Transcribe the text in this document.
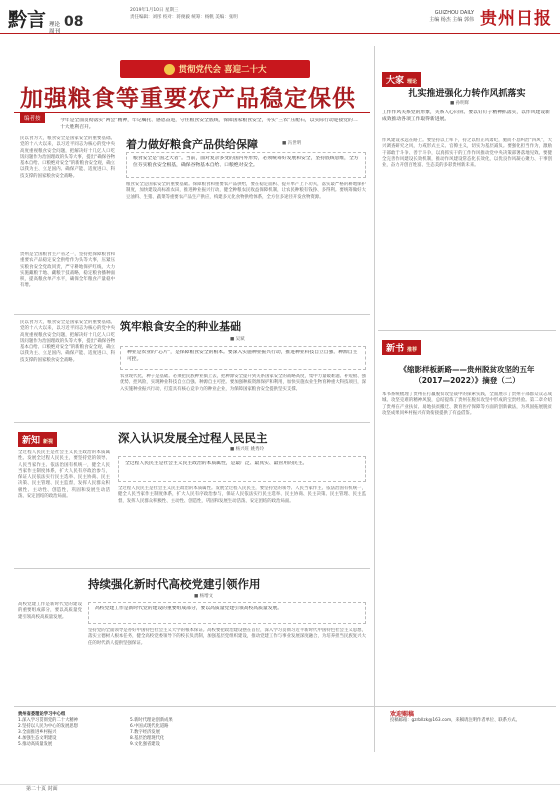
黔言 理论
周刊
08
2019年1月10日 星期三
责任编辑：刘彤 校对：蒋俊毅 统筹：杨帆 美编：张明
GUIZHOU DAILY
主编 杨杰 主编 郭伟 贵州日报
贯彻党代会 喜迎二十大
加强粮食等重要农产品稳定保供
编者按	今年是全面贯彻落实“两会”精神，牢记嘱托、感恩奋进，守住粮食安全底线，保障国家粮食安全，夯实“三农”压舱石，以实际行动迎接党的二十大胜利召开。
民以食为天，粮食安全是国家安全的重要基础。党的十八大以来，以习近平同志为核心的党中央高度重视粮食安全问题，把解决好十几亿人口吃饭问题作为治国理政的头等大事，提出“确保谷物基本自给、口粮绝对安全”的新粮食安全观，确立以我为主、立足国内、确保产能、适度进口、科技支撑的国家粮食安全战略。
贵州是全国粮食主产省之一，坚持把保障粮食和重要农产品稳定安全供给作为头等大事，压紧压实粮食安全党政同责，严守耕地保护红线，大力实施藏粮于地、藏粮于技战略，稳定粮食播种面积，提高粮食单产水平，确保全年粮食产量稳中有增。
着力做好粮食产品供给保障	■ 冯世明
粮食安全是“国之大者”。当前，面对复杂多变的国内外形势，必须统筹好发展和安全，坚持底线思维，全方位夯实粮食安全根基，确保谷物基本自给、口粮绝对安全。
粮食安全是国家安全的重要基础。保障粮食和重要农产品供给，要在稳定面积、提升单产上下功夫，落实最严格的耕地保护制度，加快建设高标准农田，推进种业振兴行动，健全种粮农民收益保障机制，让农民种粮有钱挣、多得利。要统筹做好大豆油料、生猪、蔬菜等重要农产品生产供应，构建多元化食物供给体系，全方位多途径开发食物资源。
民以食为天，粮食安全是国家安全的重要基础。党的十八大以来，以习近平同志为核心的党中央高度重视粮食安全问题，把解决好十几亿人口吃饭问题作为治国理政的头等大事，提出“确保谷物基本自给、口粮绝对安全”的新粮食安全观，确立以我为主、立足国内、确保产能、适度进口、科技支撑的国家粮食安全战略。
筑牢粮食安全的种业基础
■ 吴斌
种业是农业的“芯片”，是保障粮食安全的根本。要深入实施种业振兴行动，推进种业科技自立自强、种源自主可控。
农业现代化，种子是基础。必须把民族种业搞上去，把种源安全提升到关系国家安全的战略高度，集中力量破难题、补短板、强优势、控风险，实现种业科技自立自强、种源自主可控。要加强种质资源保护和利用，加快实施农业生物育种重大科技项目，深入实施种业振兴行动，打造具有核心竞争力的种业企业，为保障国家粮食安全提供坚实支撑。
新知 新视
全过程人民民主是社会主义民主政治的本质属性。发展全过程人民民主，要坚持党的领导、人民当家作主、依法治国有机统一，健全人民当家作主制度体系，扩大人民有序政治参与，保证人民依法实行民主选举、民主协商、民主决策、民主管理、民主监督，发挥人民群众积极性、主动性、创造性，巩固和发展生动活泼、安定团结的政治局面。
深入认识发展全过程人民民主
■ 杨兴旺 姚秀玲
全过程人民民主是社会主义民主政治的本质属性，是最广泛、最真实、最管用的民主。
全过程人民民主是社会主义民主政治的本质属性。发展全过程人民民主，要坚持党的领导、人民当家作主、依法治国有机统一，健全人民当家作主制度体系，扩大人民有序政治参与，保证人民依法实行民主选举、民主协商、民主决策、民主管理、民主监督，发挥人民群众积极性、主动性、创造性，巩固和发展生动活泼、安定团结的政治局面。
持续强化新时代高校党建引领作用
■ 杨增文
高校党建工作是新时代党的建设的重要组成部分，要以高质量党建引领高校高质量发展。
高校党建工作是新时代党的建设的重要组成部分，要以高质量党建引领高校高质量发展。
坚持党的全面领导是办好中国特色社会主义大学的根本保证。高校要把政治建设摆在首位，深入学习贯彻习近平新时代中国特色社会主义思想，落实立德树人根本任务，健全高校党委领导下的校长负责制，加强基层党组织建设，推动党建工作与事业发展深度融合，为培养担当民族复兴大任的时代新人提供坚强保证。
大家 理论
扎实推进强化力转作风抓落实
■ 孙明辉
工作作风关系党的形象，关系人心向背。要以钉钉子精神抓落实，以作风建设新成效推动各项工作取得新进展。
作风建设永远在路上。要坚持以上率下，持之以恒正风肃纪，驰而不息纠治“四风”，大兴调查研究之风，力戒形式主义、官僚主义，切实为基层减负。要强化担当作为，激励干部敢于斗争、善于斗争，以真抓实干的工作作风推动党中央决策部署落地见效。要健全完善作风建设长效机制，推动作风建设常态化长效化，以优良作风凝心聚力、干事创业，奋力开创百姓富、生态美的多彩贵州新未来。
新书 推荐
《缩影样板新路——贵州脱贫攻坚的五年
（2017—2022）》摘登（二）
本书系统梳理了贵州在打赢脱贫攻坚战中的探索实践，全面展示了贵州干部群众众志成城、攻坚克难的精神风貌，总结提炼了贵州在脱贫攻坚中形成的宝贵经验。第二章介绍了贵州在产业扶贫、易地扶贫搬迁、教育医疗保障等方面的创新做法，为巩固拓展脱贫攻坚成果同乡村振兴有效衔接提供了有益借鉴。
贵州省委理论学习中心组
1.深入学习贯彻党的二十大精神
2.坚持以人民为中心的发展思想
3.全面推进乡村振兴
4.加强生态文明建设
5.推动高质量发展
5.新时代理论创新成果
6.中国式现代化道路
7.数字经济发展
8.基层治理现代化
9.文化强省建设
欢迎赐稿
投稿邮箱：gzrbllzk@163.com，来稿请注明作者单位、联系方式。
第二十页 封面
